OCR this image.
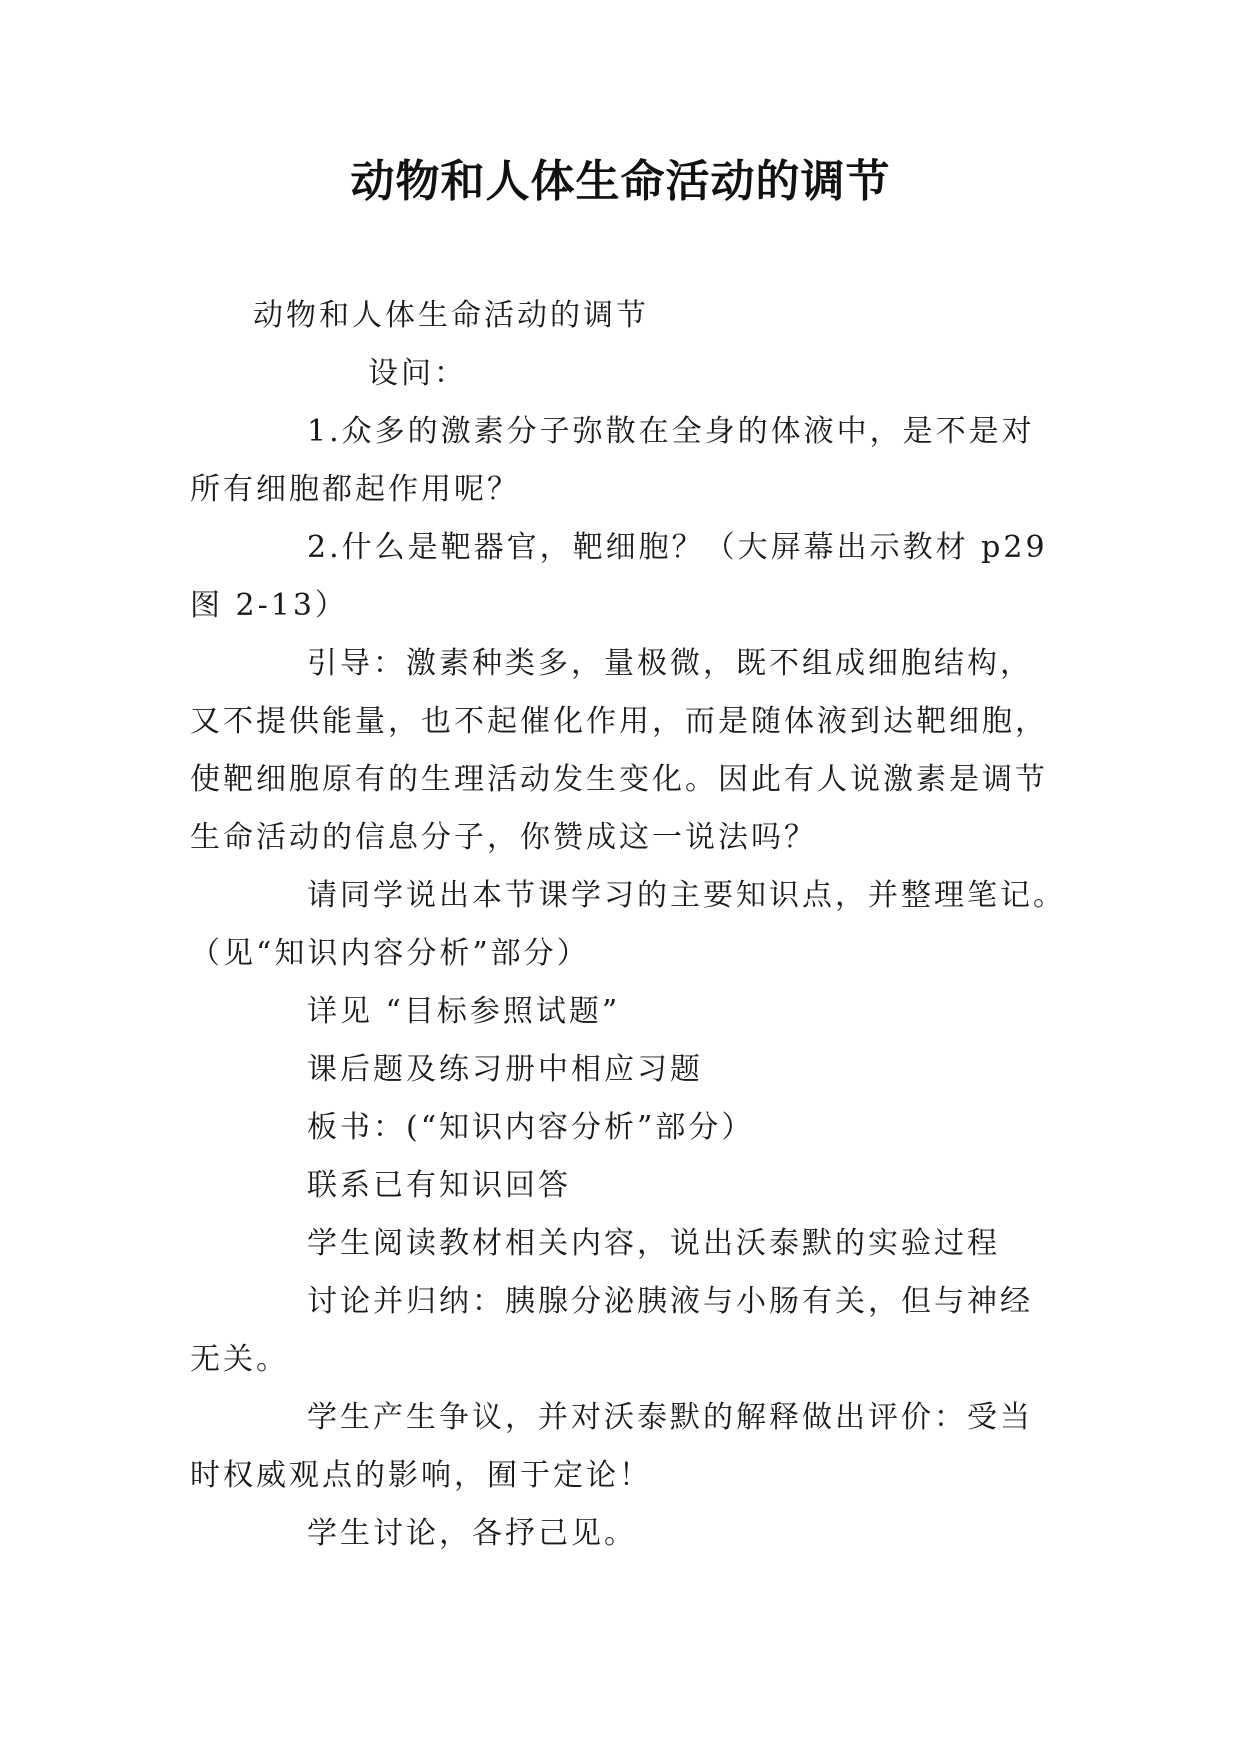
动物和人体生命活动的调节

动物和人体生命活动的调节

设问：

1.众多的激素分子弥散在全身的体液中，是不是对

所有细胞都起作用呢？

2.什么是靶器官，靶细胞？（大屏幕出示教材 p29

图 2-13）

引导：激素种类多，量极微，既不组成细胞结构，

又不提供能量，也不起催化作用，而是随体液到达靶细胞，

使靶细胞原有的生理活动发生变化。因此有人说激素是调节

生命活动的信息分子，你赞成这一说法吗？

请同学说出本节课学习的主要知识点，并整理笔记。

（见“知识内容分析”部分）

详见 “目标参照试题”

课后题及练习册中相应习题

板书：(“知识内容分析”部分）

联系已有知识回答

学生阅读教材相关内容，说出沃泰默的实验过程

讨论并归纳：胰腺分泌胰液与小肠有关，但与神经

无关。

学生产生争议，并对沃泰默的解释做出评价：受当

时权威观点的影响，囿于定论！

学生讨论，各抒己见。
